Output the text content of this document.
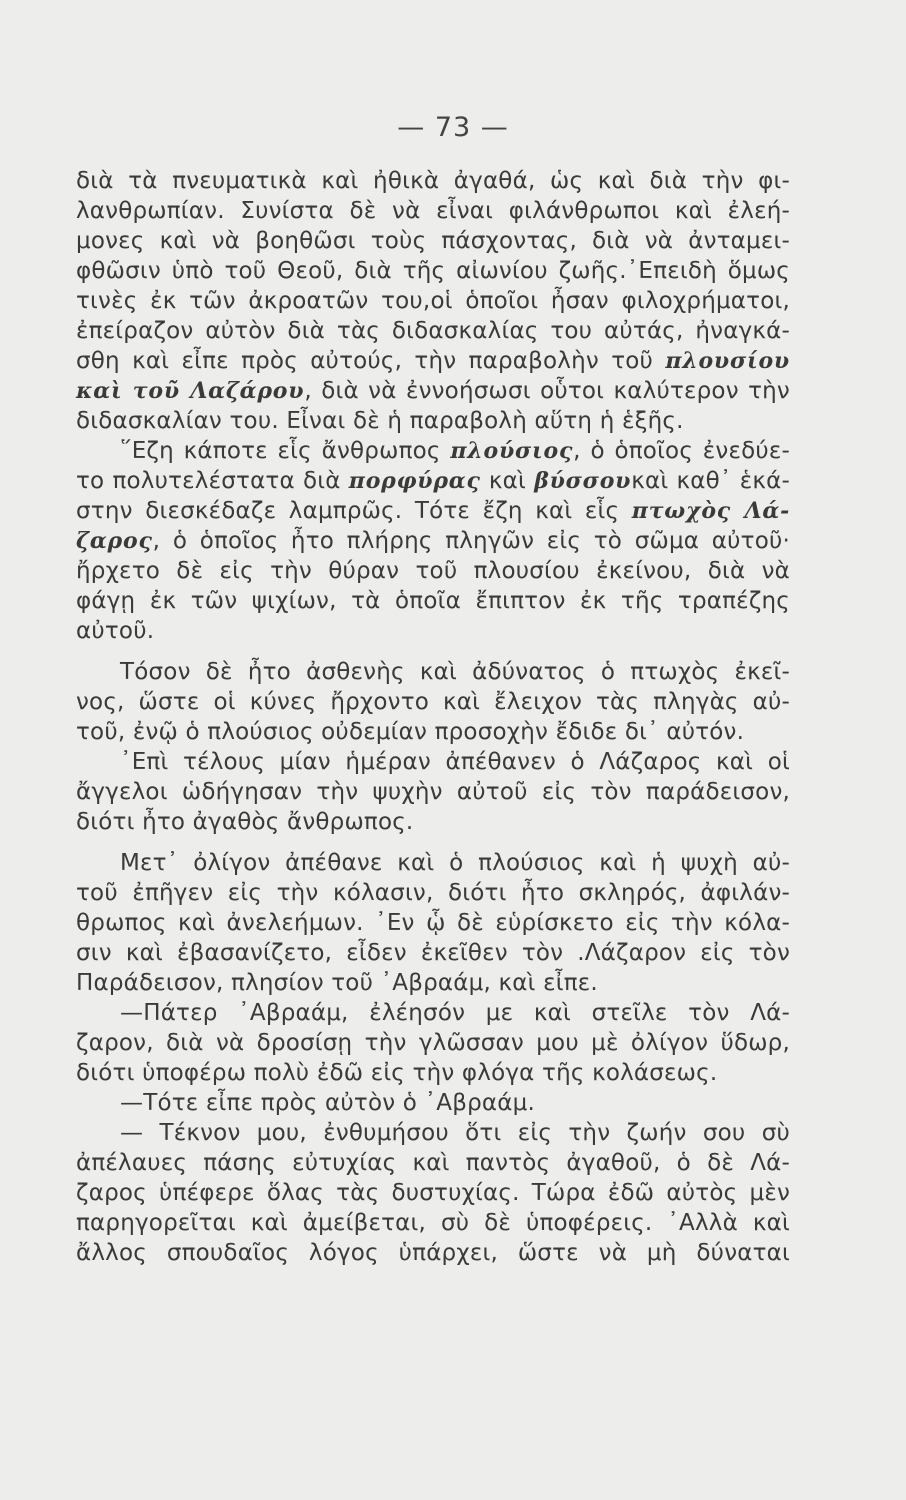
— 73 —
διὰ τὰ πνευματικὰ καὶ ἠθικὰ ἀγαθά, ὡς καὶ διὰ τὴν φι-
λανθρωπίαν. Συνίστα δὲ νὰ εἶναι φιλάνθρωποι καὶ ἐλεή-
μονες καὶ νὰ βοηθῶσι τοὺς πάσχοντας, διὰ νὰ ἀνταμει-
φθῶσιν ὑπὸ τοῦ Θεοῦ, διὰ τῆς αἰωνίου ζωῆς.᾿Επειδὴ ὅμως
τινὲς ἐκ τῶν ἀκροατῶν του,οἱ ὁποῖοι ἦσαν φιλοχρήματοι,
ἐπείραζον αὐτὸν διὰ τὰς διδασκαλίας του αὐτάς, ἠναγκά-
σθη καὶ εἶπε πρὸς αὐτούς, τὴν παραβολὴν τοῦ πλουσίου
καὶ τοῦ Λαζάρου, διὰ νὰ ἐννοήσωσι οὗτοι καλύτερον τὴν
διδασκαλίαν του. Εἶναι δὲ ἡ παραβολὴ αὕτη ἡ ἑξῆς.
῞Εζη κάποτε εἷς ἄνθρωπος πλούσιος, ὁ ὁποῖος ἐνεδύε-
το πολυτελέστατα διὰ πορφύρας καὶ βύσσουκαὶ καθ᾿ ἑκά-
στην διεσκέδαζε λαμπρῶς. Τότε ἔζη καὶ εἷς πτωχὸς Λά-
ζαρος, ὁ ὁποῖος ἦτο πλήρης πληγῶν εἰς τὸ σῶμα αὐτοῦ·
ἤρχετο δὲ εἰς τὴν θύραν τοῦ πλουσίου ἐκείνου, διὰ νὰ
φάγῃ ἐκ τῶν ψιχίων, τὰ ὁποῖα ἔπιπτον ἐκ τῆς τραπέζης
αὐτοῦ.
Τόσον δὲ ἦτο ἀσθενὴς καὶ ἀδύνατος ὁ πτωχὸς ἐκεῖ-
νος, ὥστε οἱ κύνες ἤρχοντο καὶ ἔλειχον τὰς πληγὰς αὐ-
τοῦ, ἐνῷ ὁ πλούσιος οὐδεμίαν προσοχὴν ἔδιδε δι᾿ αὐτόν.
᾿Επὶ τέλους μίαν ἡμέραν ἀπέθανεν ὁ Λάζαρος καὶ οἱ
ἄγγελοι ὡδήγησαν τὴν ψυχὴν αὐτοῦ εἰς τὸν παράδεισον,
διότι ἦτο ἀγαθὸς ἄνθρωπος.
Μετ᾿ ὀλίγον ἀπέθανε καὶ ὁ πλούσιος καὶ ἡ ψυχὴ αὐ-
τοῦ ἐπῆγεν εἰς τὴν κόλασιν, διότι ἦτο σκληρός, ἀφιλάν-
θρωπος καὶ ἀνελεήμων. ᾿Εν ᾧ δὲ εὑρίσκετο εἰς τὴν κόλα-
σιν καὶ ἐβασανίζετο, εἶδεν ἐκεῖθεν τὸν .Λάζαρον εἰς τὸν
Παράδεισον, πλησίον τοῦ ᾿Αβραάμ, καὶ εἶπε.
—Πάτερ ᾿Αβραάμ, ἐλέησόν με καὶ στεῖλε τὸν Λά-
ζαρον, διὰ νὰ δροσίσῃ τὴν γλῶσσαν μου μὲ ὀλίγον ὕδωρ,
διότι ὑποφέρω πολὺ ἐδῶ εἰς τὴν φλόγα τῆς κολάσεως.
—Τότε εἶπε πρὸς αὐτὸν ὁ ᾿Αβραάμ.
— Τέκνον μου, ἐνθυμήσου ὅτι εἰς τὴν ζωήν σου σὺ
ἀπέλαυες πάσης εὐτυχίας καὶ παντὸς ἀγαθοῦ, ὁ δὲ Λά-
ζαρος ὑπέφερε ὅλας τὰς δυστυχίας. Τώρα ἐδῶ αὐτὸς μὲν
παρηγορεῖται καὶ ἀμείβεται, σὺ δὲ ὑποφέρεις. ᾿Αλλὰ καὶ
ἄλλος σπουδαῖος λόγος ὑπάρχει, ὥστε νὰ μὴ δύναται
